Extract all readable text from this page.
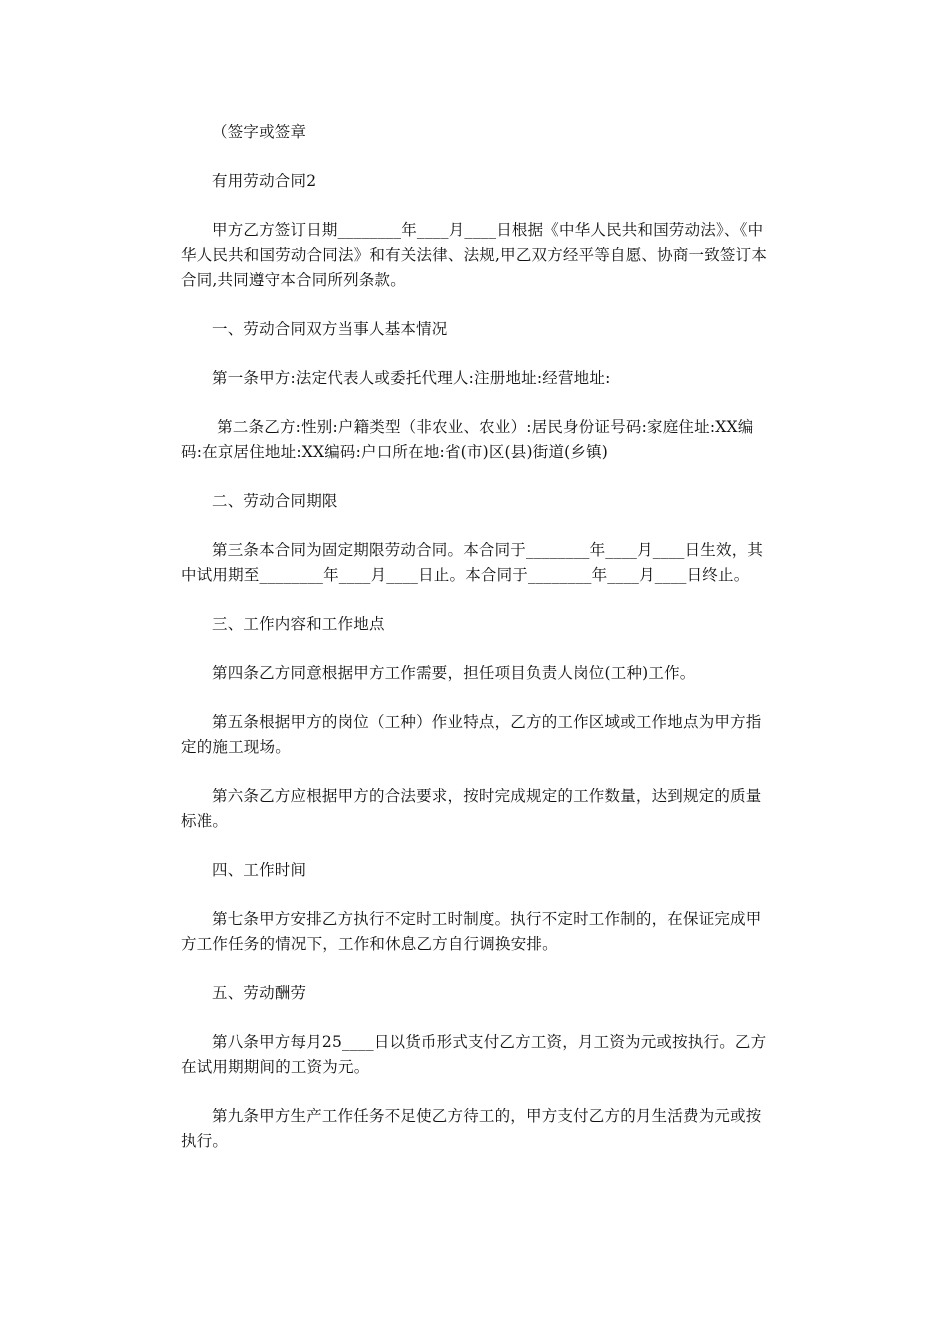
（签字或签章

有用劳动合同2

甲方乙方签订日期________年____月____日根据《中华人民共和国劳动法》、《中华人民共和国劳动合同法》和有关法律、法规,甲乙双方经平等自愿、协商一致签订本合同,共同遵守本合同所列条款。

一、劳动合同双方当事人基本情况

第一条甲方:法定代表人或委托代理人:注册地址:经营地址:

第二条乙方:性别:户籍类型（非农业、农业）:居民身份证号码:家庭住址:XX编码:在京居住地址:XX编码:户口所在地:省(市)区(县)街道(乡镇)

二、劳动合同期限

第三条本合同为固定期限劳动合同。本合同于________年____月____日生效，其中试用期至________年____月____日止。本合同于________年____月____日终止。

三、工作内容和工作地点

第四条乙方同意根据甲方工作需要，担任项目负责人岗位(工种)工作。

第五条根据甲方的岗位（工种）作业特点，乙方的工作区域或工作地点为甲方指定的施工现场。

第六条乙方应根据甲方的合法要求，按时完成规定的工作数量，达到规定的质量标准。

四、工作时间

第七条甲方安排乙方执行不定时工时制度。执行不定时工作制的，在保证完成甲方工作任务的情况下，工作和休息乙方自行调换安排。

五、劳动酬劳

第八条甲方每月25____日以货币形式支付乙方工资，月工资为元或按执行。乙方在试用期期间的工资为元。

第九条甲方生产工作任务不足使乙方待工的，甲方支付乙方的月生活费为元或按执行。
